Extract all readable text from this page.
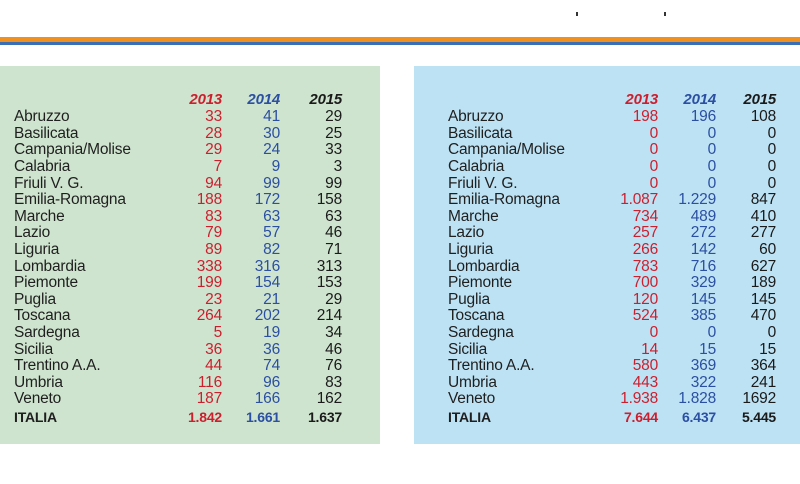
	2013	2014	2015
Abruzzo	33	41	29
Basilicata	28	30	25
Campania/Molise	29	24	33
Calabria	7	9	3
Friuli V. G.	94	99	99
Emilia-Romagna	188	172	158
Marche	83	63	63
Lazio	79	57	46
Liguria	89	82	71
Lombardia	338	316	313
Piemonte	199	154	153
Puglia	23	21	29
Toscana	264	202	214
Sardegna	5	19	34
Sicilia	36	36	46
Trentino A.A.	44	74	76
Umbria	116	96	83
Veneto	187	166	162
ITALIA	1.842	1.661	1.637
	2013	2014	2015
Abruzzo	198	196	108
Basilicata	0	0	0
Campania/Molise	0	0	0
Calabria	0	0	0
Friuli V. G.	0	0	0
Emilia-Romagna	1.087	1.229	847
Marche	734	489	410
Lazio	257	272	277
Liguria	266	142	60
Lombardia	783	716	627
Piemonte	700	329	189
Puglia	120	145	145
Toscana	524	385	470
Sardegna	0	0	0
Sicilia	14	15	15
Trentino A.A.	580	369	364
Umbria	443	322	241
Veneto	1.938	1.828	1692
ITALIA	7.644	6.437	5.445
